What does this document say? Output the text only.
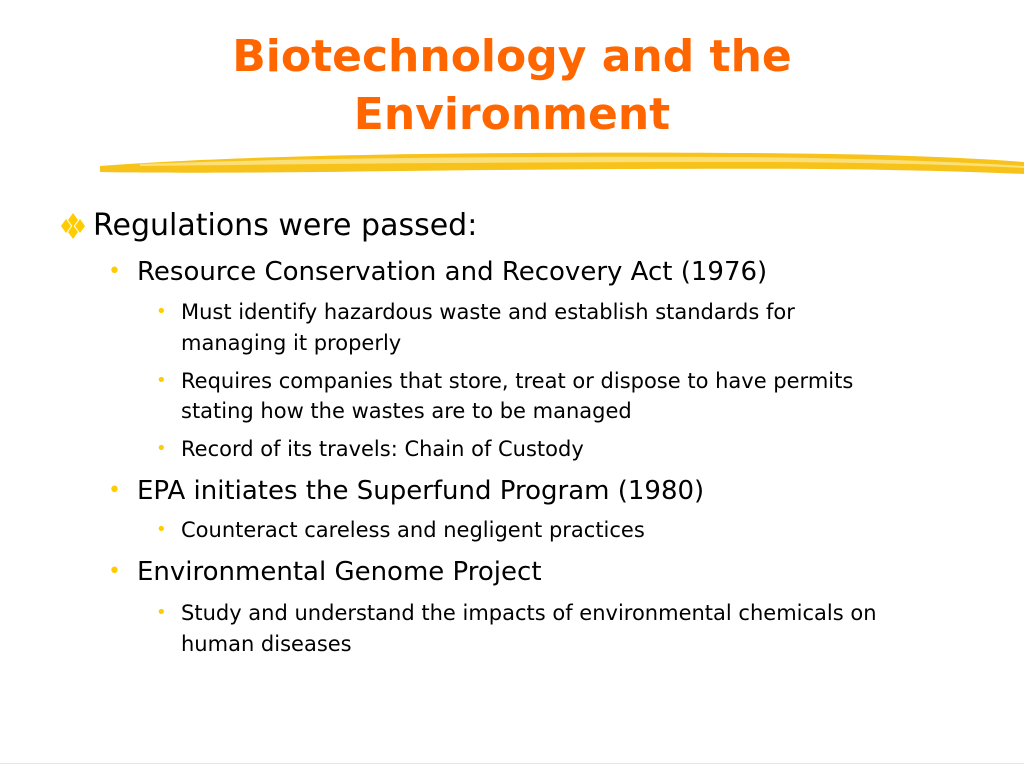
Biotechnology and the
Environment
Regulations were passed:
• Resource Conservation and Recovery Act (1976)
• Must identify hazardous waste and establish standards for
managing it properly
• Requires companies that store, treat or dispose to have permits
stating how the wastes are to be managed
• Record of its travels: Chain of Custody
• EPA initiates the Superfund Program (1980)
• Counteract careless and negligent practices
• Environmental Genome Project
• Study and understand the impacts of environmental chemicals on
human diseases
